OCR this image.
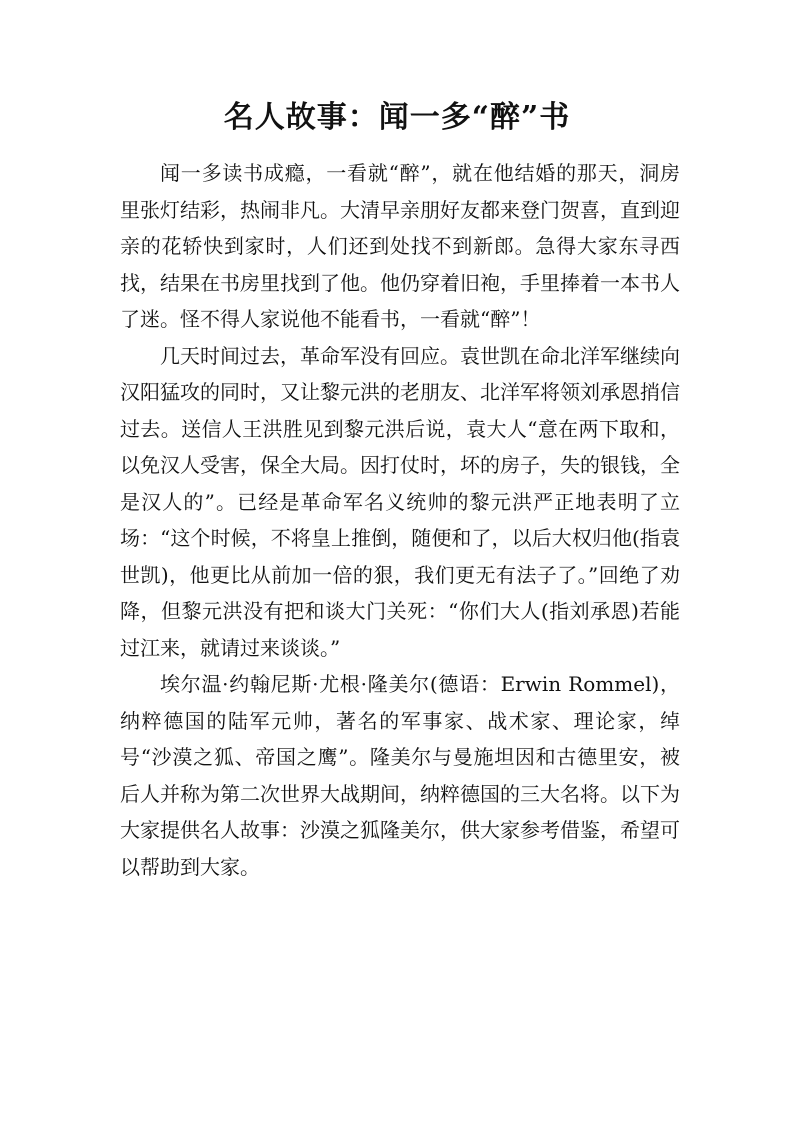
名人故事：闻一多“醉”书

闻一多读书成瘾，一看就“醉”，就在他结婚的那天，洞房里张灯结彩，热闹非凡。大清早亲朋好友都来登门贺喜，直到迎亲的花轿快到家时，人们还到处找不到新郎。急得大家东寻西找，结果在书房里找到了他。他仍穿着旧袍，手里捧着一本书人了迷。怪不得人家说他不能看书，一看就“醉”！

几天时间过去，革命军没有回应。袁世凯在命北洋军继续向汉阳猛攻的同时，又让黎元洪的老朋友、北洋军将领刘承恩捎信过去。送信人王洪胜见到黎元洪后说，袁大人“意在两下取和，以免汉人受害，保全大局。因打仗时，坏的房子，失的银钱，全是汉人的”。已经是革命军名义统帅的黎元洪严正地表明了立场：“这个时候，不将皇上推倒，随便和了，以后大权归他(指袁世凯)，他更比从前加一倍的狠，我们更无有法子了。”回绝了劝降，但黎元洪没有把和谈大门关死：“你们大人(指刘承恩)若能过江来，就请过来谈谈。”

埃尔温·约翰尼斯·尤根·隆美尔(德语：Erwin Rommel)，纳粹德国的陆军元帅，著名的军事家、战术家、理论家，绰号“沙漠之狐、帝国之鹰”。隆美尔与曼施坦因和古德里安，被后人并称为第二次世界大战期间，纳粹德国的三大名将。以下为大家提供名人故事：沙漠之狐隆美尔，供大家参考借鉴，希望可以帮助到大家。
